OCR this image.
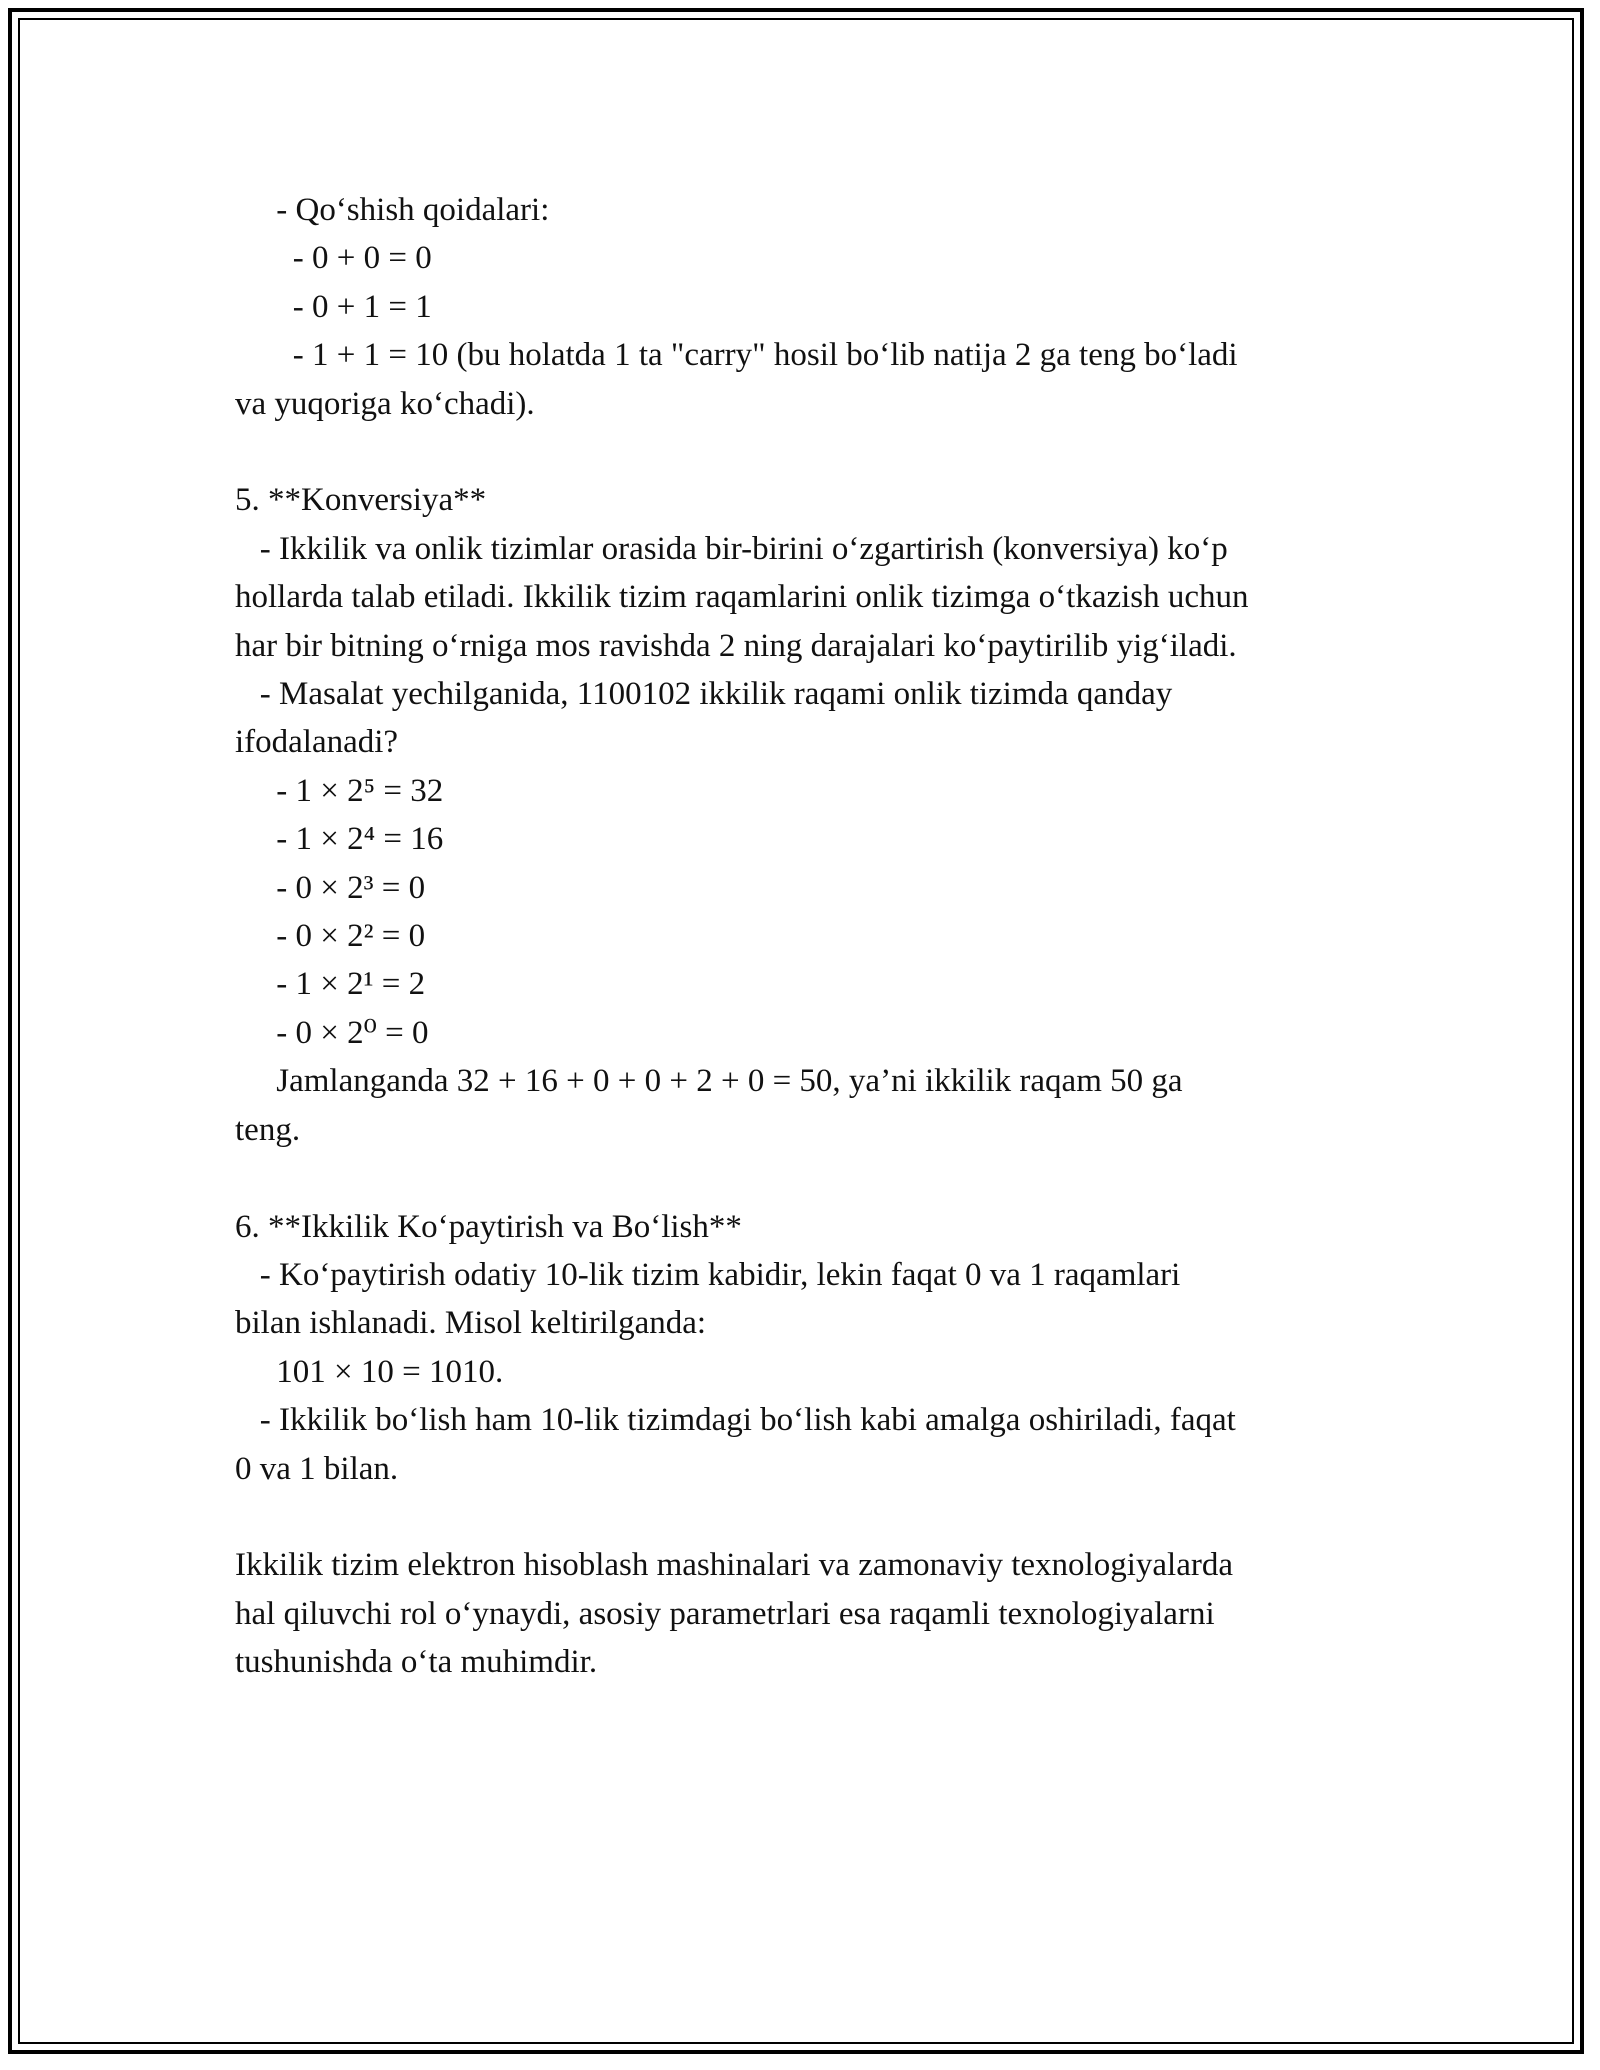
- Qo‘shish qoidalari:

- 0 + 0 = 0

- 0 + 1 = 1

- 1 + 1 = 10 (bu holatda 1 ta "carry" hosil bo‘lib natija 2 ga teng bo‘ladi

va yuqoriga ko‘chadi).

5. **Konversiya**

- Ikkilik va onlik tizimlar orasida bir-birini o‘zgartirish (konversiya) ko‘p

hollarda talab etiladi. Ikkilik tizim raqamlarini onlik tizimga o‘tkazish uchun

har bir bitning o‘rniga mos ravishda 2 ning darajalari ko‘paytirilib yig‘iladi.

- Masalat yechilganida, 1100102 ikkilik raqami onlik tizimda qanday

ifodalanadi?

- 1 × 2⁵ = 32

- 1 × 2⁴ = 16

- 0 × 2³ = 0

- 0 × 2² = 0

- 1 × 2¹ = 2

- 0 × 2⁰ = 0

Jamlanganda 32 + 16 + 0 + 0 + 2 + 0 = 50, ya’ni ikkilik raqam 50 ga

teng.

6. **Ikkilik Ko‘paytirish va Bo‘lish**

- Ko‘paytirish odatiy 10-lik tizim kabidir, lekin faqat 0 va 1 raqamlari

bilan ishlanadi. Misol keltirilganda:

101 × 10 = 1010.

- Ikkilik bo‘lish ham 10-lik tizimdagi bo‘lish kabi amalga oshiriladi, faqat

0 va 1 bilan.

Ikkilik tizim elektron hisoblash mashinalari va zamonaviy texnologiyalarda

hal qiluvchi rol o‘ynaydi, asosiy parametrlari esa raqamli texnologiyalarni

tushunishda o‘ta muhimdir.
